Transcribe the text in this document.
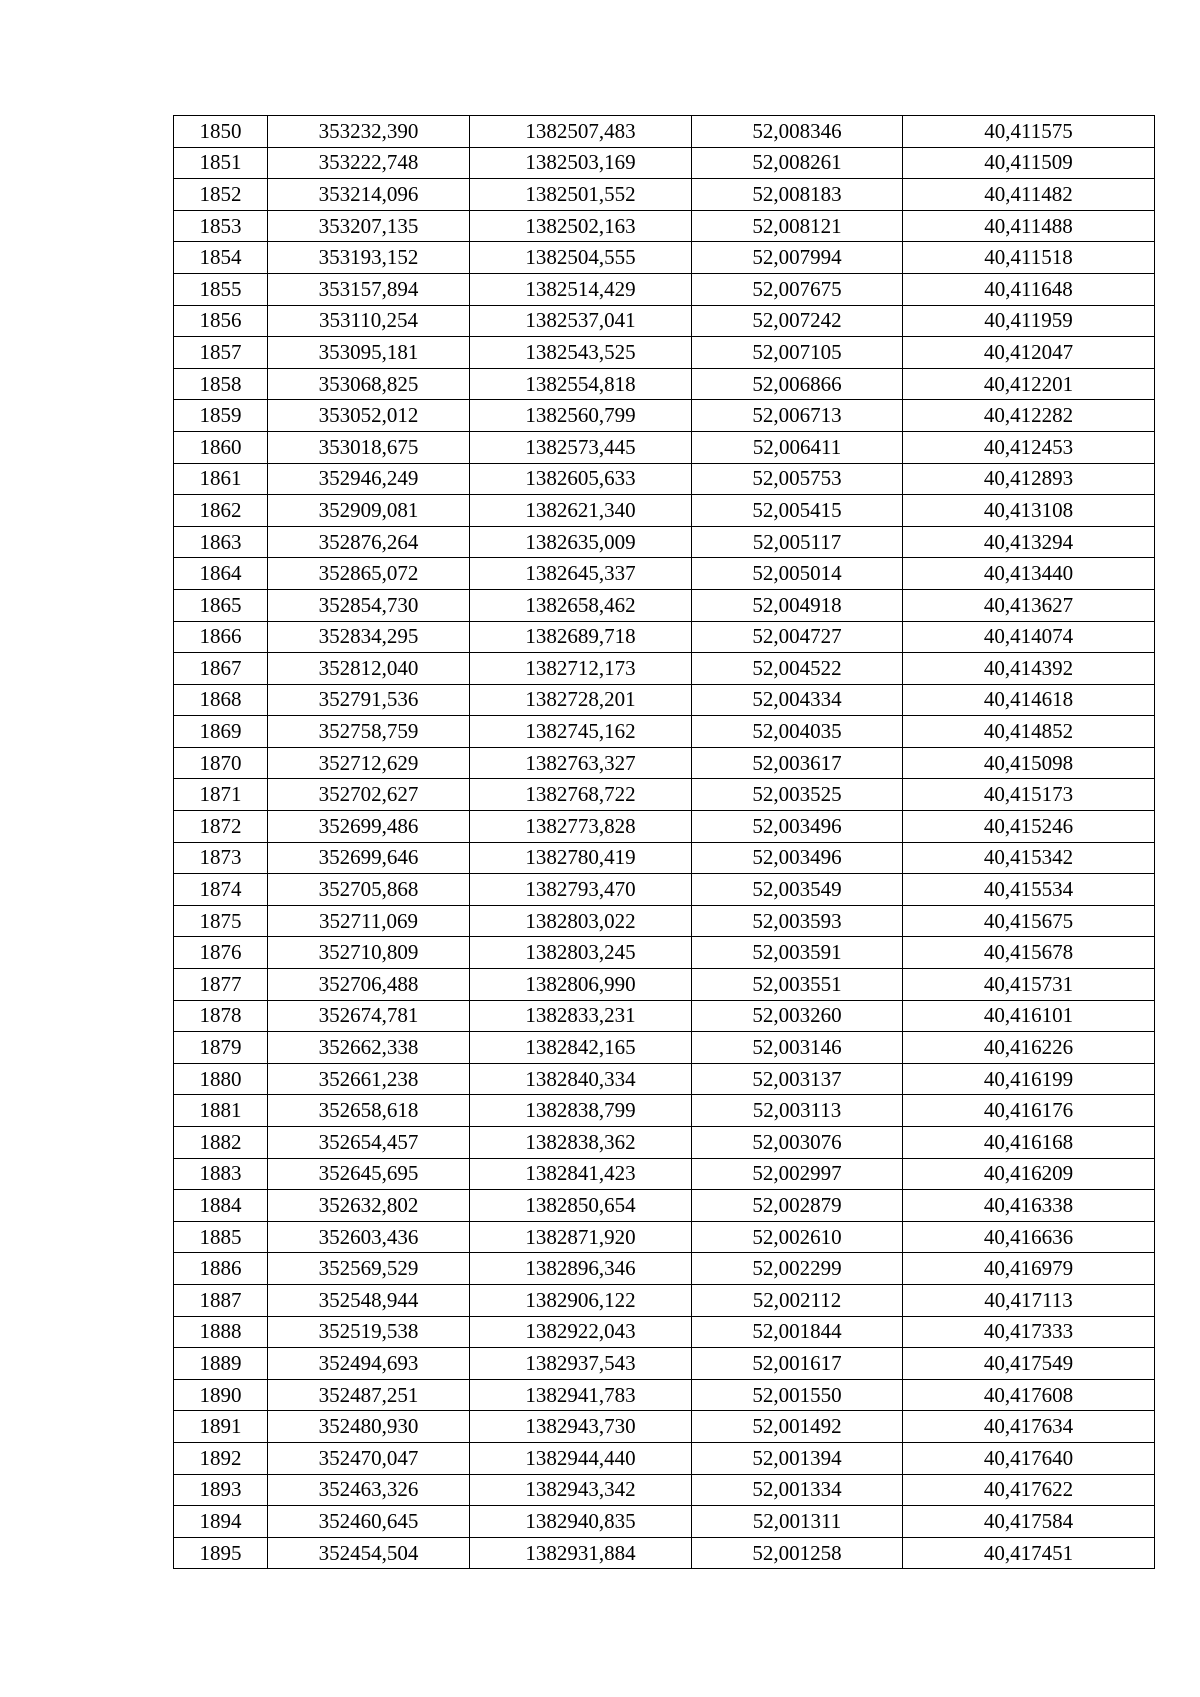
1850	353232,390	1382507,483	52,008346	40,411575
1851	353222,748	1382503,169	52,008261	40,411509
1852	353214,096	1382501,552	52,008183	40,411482
1853	353207,135	1382502,163	52,008121	40,411488
1854	353193,152	1382504,555	52,007994	40,411518
1855	353157,894	1382514,429	52,007675	40,411648
1856	353110,254	1382537,041	52,007242	40,411959
1857	353095,181	1382543,525	52,007105	40,412047
1858	353068,825	1382554,818	52,006866	40,412201
1859	353052,012	1382560,799	52,006713	40,412282
1860	353018,675	1382573,445	52,006411	40,412453
1861	352946,249	1382605,633	52,005753	40,412893
1862	352909,081	1382621,340	52,005415	40,413108
1863	352876,264	1382635,009	52,005117	40,413294
1864	352865,072	1382645,337	52,005014	40,413440
1865	352854,730	1382658,462	52,004918	40,413627
1866	352834,295	1382689,718	52,004727	40,414074
1867	352812,040	1382712,173	52,004522	40,414392
1868	352791,536	1382728,201	52,004334	40,414618
1869	352758,759	1382745,162	52,004035	40,414852
1870	352712,629	1382763,327	52,003617	40,415098
1871	352702,627	1382768,722	52,003525	40,415173
1872	352699,486	1382773,828	52,003496	40,415246
1873	352699,646	1382780,419	52,003496	40,415342
1874	352705,868	1382793,470	52,003549	40,415534
1875	352711,069	1382803,022	52,003593	40,415675
1876	352710,809	1382803,245	52,003591	40,415678
1877	352706,488	1382806,990	52,003551	40,415731
1878	352674,781	1382833,231	52,003260	40,416101
1879	352662,338	1382842,165	52,003146	40,416226
1880	352661,238	1382840,334	52,003137	40,416199
1881	352658,618	1382838,799	52,003113	40,416176
1882	352654,457	1382838,362	52,003076	40,416168
1883	352645,695	1382841,423	52,002997	40,416209
1884	352632,802	1382850,654	52,002879	40,416338
1885	352603,436	1382871,920	52,002610	40,416636
1886	352569,529	1382896,346	52,002299	40,416979
1887	352548,944	1382906,122	52,002112	40,417113
1888	352519,538	1382922,043	52,001844	40,417333
1889	352494,693	1382937,543	52,001617	40,417549
1890	352487,251	1382941,783	52,001550	40,417608
1891	352480,930	1382943,730	52,001492	40,417634
1892	352470,047	1382944,440	52,001394	40,417640
1893	352463,326	1382943,342	52,001334	40,417622
1894	352460,645	1382940,835	52,001311	40,417584
1895	352454,504	1382931,884	52,001258	40,417451
